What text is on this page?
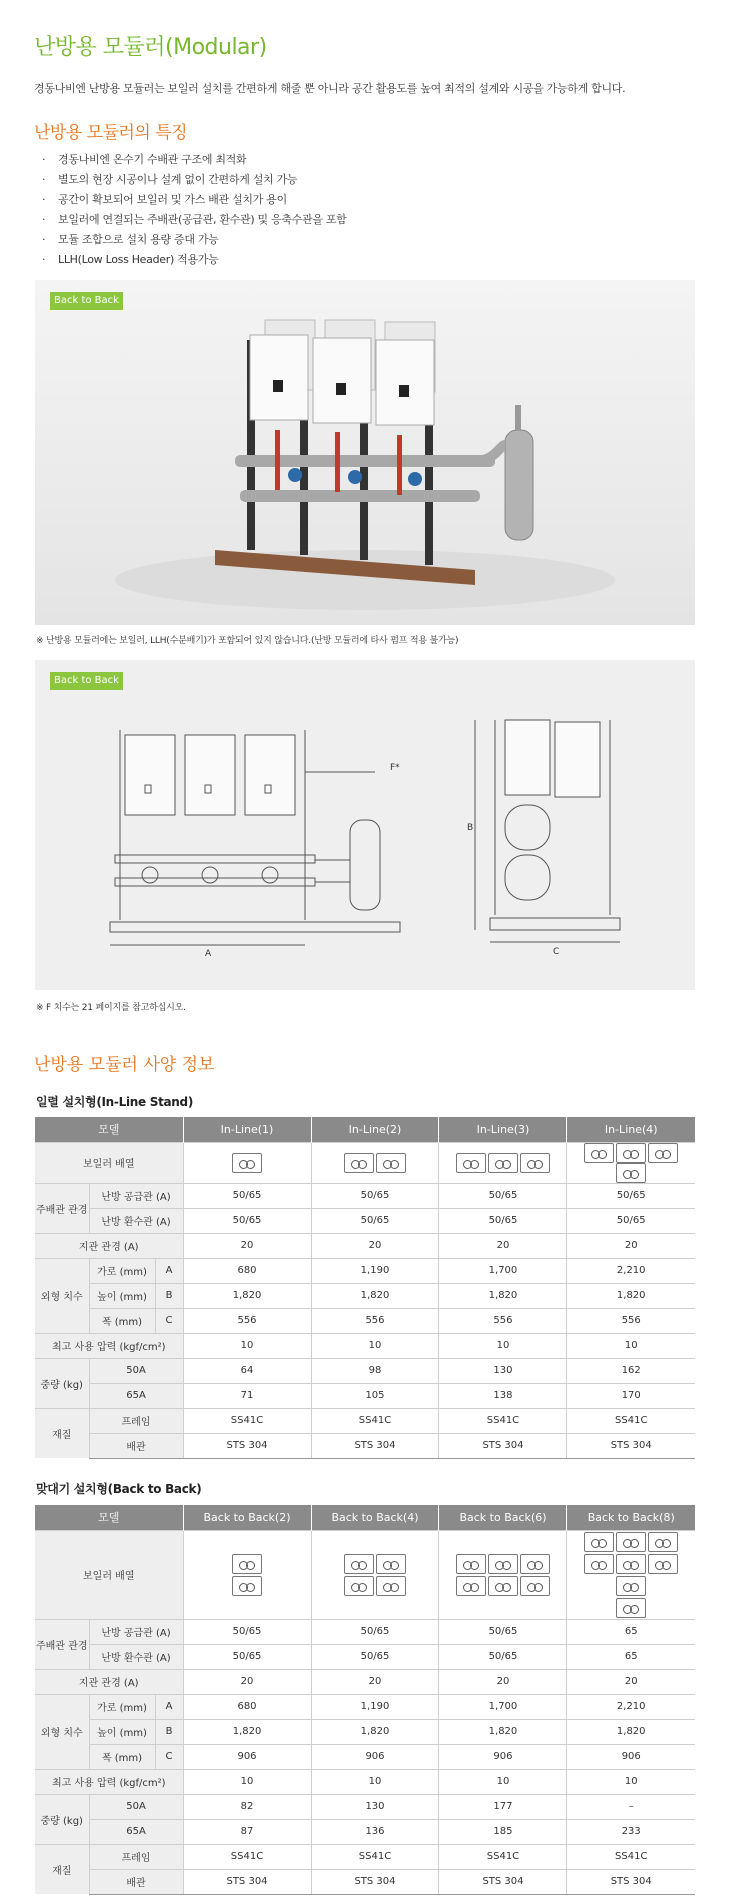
난방용 모듈러(Modular)
경동나비엔 난방용 모듈러는 보일러 설치를 간편하게 해줄 뿐 아니라 공간 활용도를 높여 최적의 설계와 시공을 가능하게 합니다.
난방용 모듈러의 특징
· 경동나비엔 온수기 수배관 구조에 최적화
· 별도의 현장 시공이나 설계 없이 간편하게 설치 가능
· 공간이 확보되어 보일러 및 가스 배관 설치가 용이
· 보일러에 연결되는 주배관(공급관, 환수관) 및 응축수관을 포함
· 모듈 조합으로 설치 용량 증대 가능
· LLH(Low Loss Header) 적용가능
Back to Back
※ 난방용 모듈러에는 보일러, LLH(수분배기)가 포함되어 있지 않습니다.(난방 모듈러에 타사 펌프 적용 불가능)
Back to Back
F*
A
B
C
※ F 치수는 21 페이지를 참고하십시오.
난방용 모듈러 사양 정보
일렬 설치형(In-Line Stand)
모델			In-Line(1)	In-Line(2)	In-Line(3)	In-Line(4)
보일러 배열						
주배관 관경	난방 공급관 (A)		50/65	50/65	50/65	50/65
	난방 환수관 (A)		50/65	50/65	50/65	50/65
지관 관경 (A)			20	20	20	20
외형 치수	가로 (mm)	A	680	1,190	1,700	2,210
	높이 (mm)	B	1,820	1,820	1,820	1,820
	폭 (mm)	C	556	556	556	556
최고 사용 압력 (kgf/cm²)			10	10	10	10
중량 (kg)	50A		64	98	130	162
	65A		71	105	138	170
재질	프레임		SS41C	SS41C	SS41C	SS41C
	배관		STS 304	STS 304	STS 304	STS 304
맞대기 설치형(Back to Back)
모델			Back to Back(2)	Back to Back(4)	Back to Back(6)	Back to Back(8)
보일러 배열			

주배관 관경	난방 공급관 (A)		50/65	50/65	50/65	65
	난방 환수관 (A)		50/65	50/65	50/65	65
지관 관경 (A)			20	20	20	20
외형 치수	가로 (mm)	A	680	1,190	1,700	2,210
	높이 (mm)	B	1,820	1,820	1,820	1,820
	폭 (mm)	C	906	906	906	906
최고 사용 압력 (kgf/cm²)			10	10	10	10
중량 (kg)	50A		82	130	177	–
	65A		87	136	185	233
재질	프레임		SS41C	SS41C	SS41C	SS41C
	배관		STS 304	STS 304	STS 304	STS 304
